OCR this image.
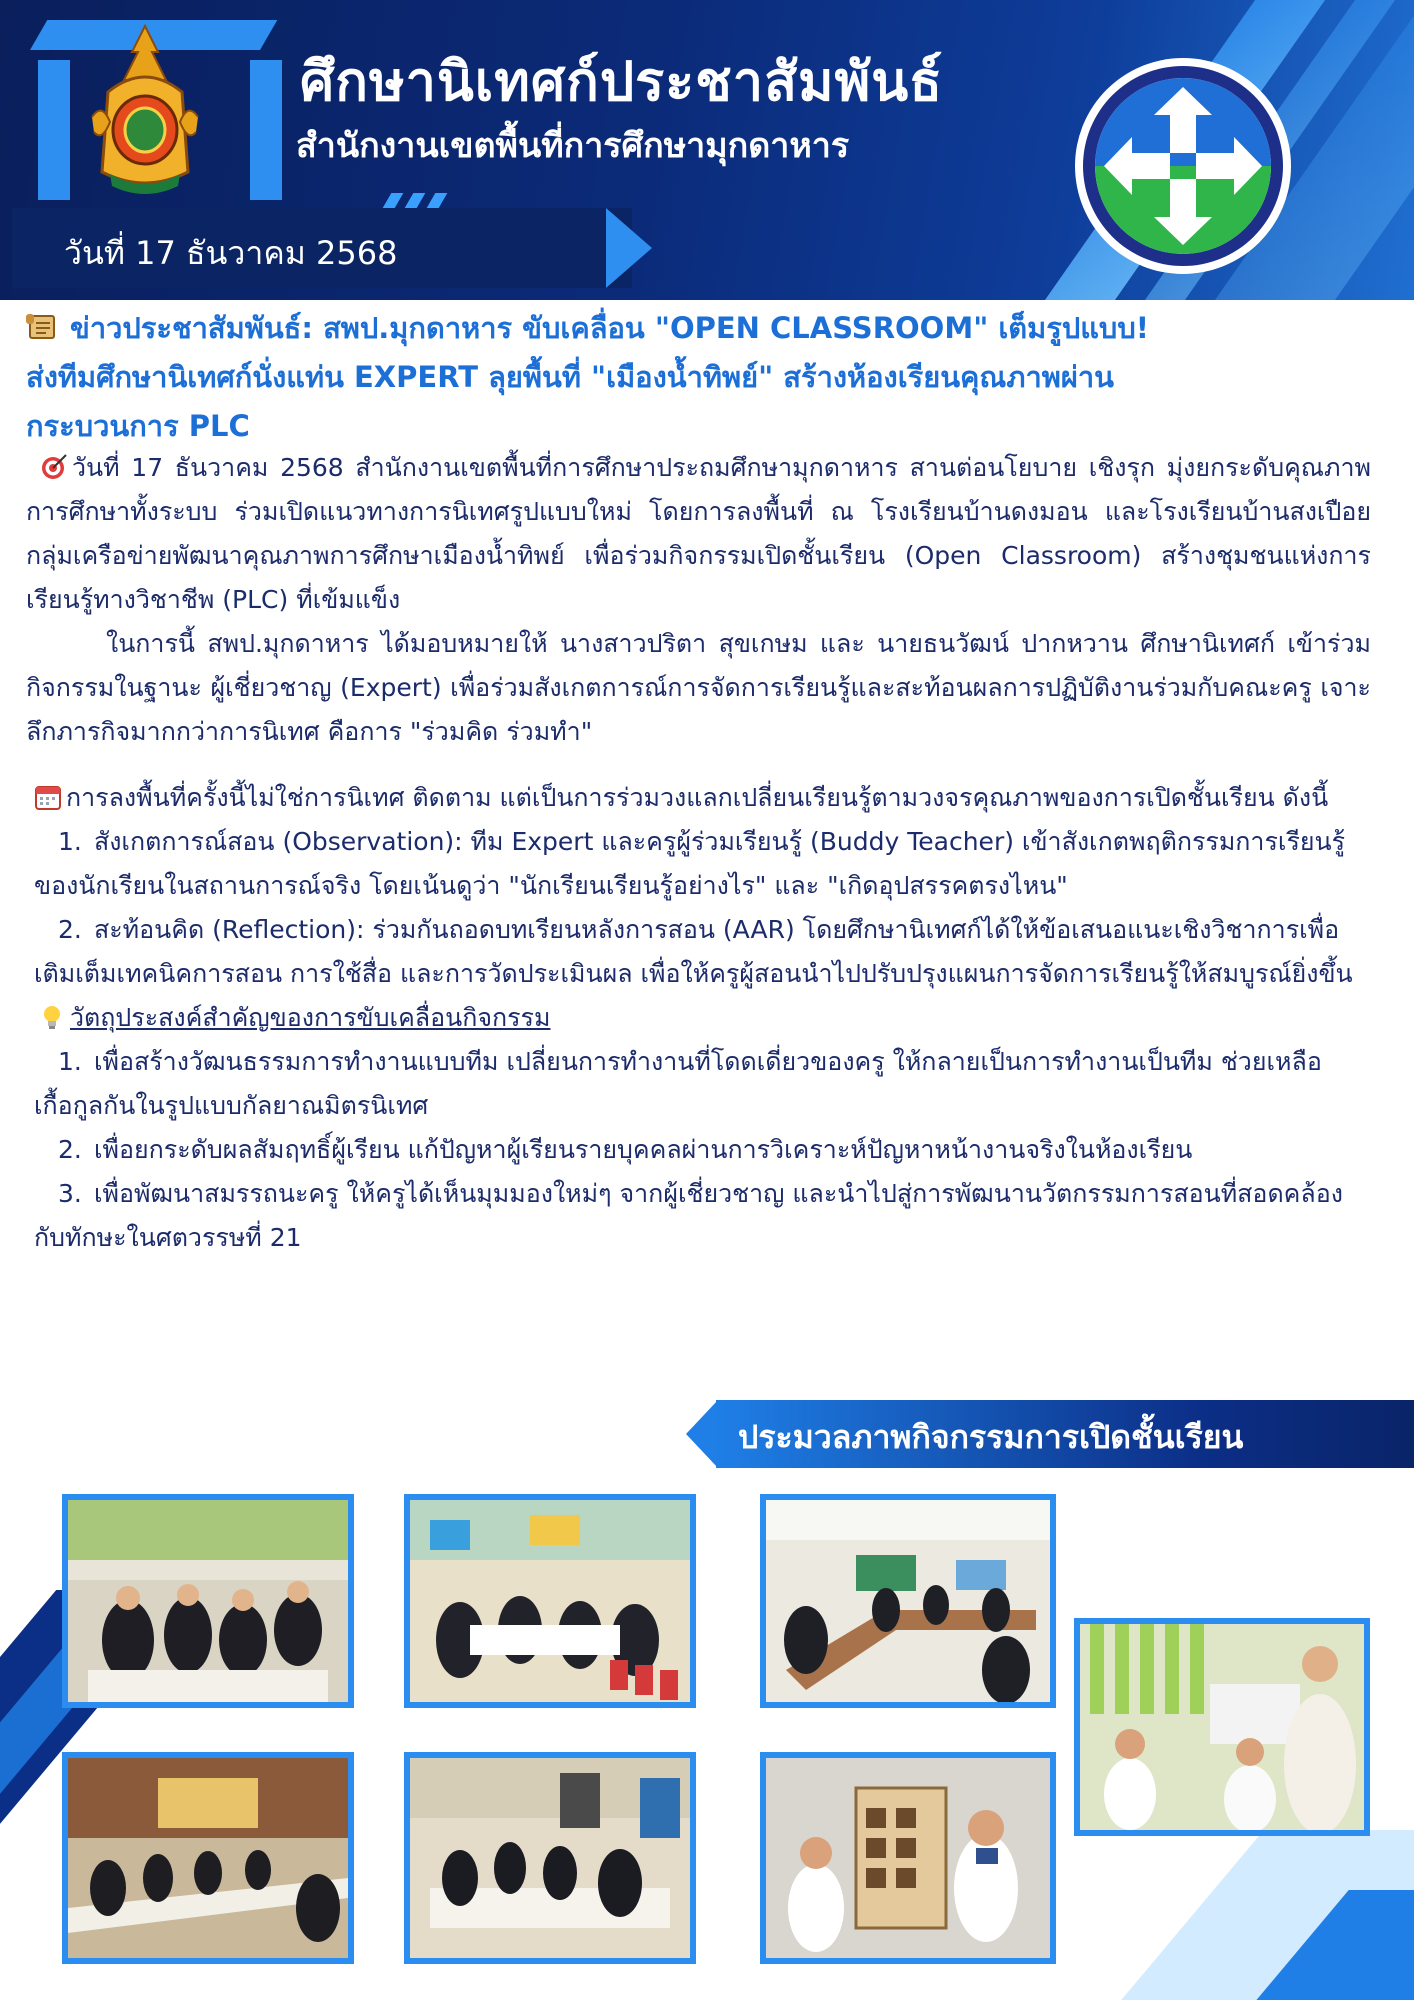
ศึกษานิเทศก์ประชาสัมพันธ์
สำนักงานเขตพื้นที่การศึกษามุกดาหาร
วันที่ 17 ธันวาคม 2568
ข่าวประชาสัมพันธ์: สพป.มุกดาหาร ขับเคลื่อน "OPEN CLASSROOM" เต็มรูปแบบ!
ส่งทีมศึกษานิเทศก์นั่งแท่น EXPERT ลุยพื้นที่ "เมืองน้ำทิพย์" สร้างห้องเรียนคุณภาพผ่าน
กระบวนการ PLC

วันที่ 17 ธันวาคม 2568 สำนักงานเขตพื้นที่การศึกษาประถมศึกษามุกดาหาร สานต่อนโยบาย เชิงรุก มุ่งยกระดับคุณภาพการศึกษาทั้งระบบ ร่วมเปิดแนวทางการนิเทศรูปแบบใหม่ โดยการลงพื้นที่ ณ โรงเรียนบ้านดงมอน และโรงเรียนบ้านสงเปือย กลุ่มเครือข่ายพัฒนาคุณภาพการศึกษาเมืองน้ำทิพย์ เพื่อร่วมกิจกรรมเปิดชั้นเรียน (Open Classroom) สร้างชุมชนแห่งการเรียนรู้ทางวิชาชีพ (PLC) ที่เข้มแข็ง

ในการนี้ สพป.มุกดาหาร ได้มอบหมายให้ นางสาวปริตา สุขเกษม และ นายธนวัฒน์ ปากหวาน ศึกษานิเทศก์ เข้าร่วมกิจกรรมในฐานะ ผู้เชี่ยวชาญ (Expert) เพื่อร่วมสังเกตการณ์การจัดการเรียนรู้และสะท้อนผลการปฏิบัติงานร่วมกับคณะครู เจาะลึกภารกิจมากกว่าการนิเทศ คือการ "ร่วมคิด ร่วมทำ"

การลงพื้นที่ครั้งนี้ไม่ใช่การนิเทศ ติดตาม แต่เป็นการร่วมวงแลกเปลี่ยนเรียนรู้ตามวงจรคุณภาพของการเปิดชั้นเรียน ดังนี้
1. สังเกตการณ์สอน (Observation): ทีม Expert และครูผู้ร่วมเรียนรู้ (Buddy Teacher) เข้าสังเกตพฤติกรรมการเรียนรู้ของนักเรียนในสถานการณ์จริง โดยเน้นดูว่า "นักเรียนเรียนรู้อย่างไร" และ "เกิดอุปสรรคตรงไหน"
2. สะท้อนคิด (Reflection): ร่วมกันถอดบทเรียนหลังการสอน (AAR) โดยศึกษานิเทศก์ได้ให้ข้อเสนอแนะเชิงวิชาการเพื่อเติมเต็มเทคนิคการสอน การใช้สื่อ และการวัดประเมินผล เพื่อให้ครูผู้สอนนำไปปรับปรุงแผนการจัดการเรียนรู้ให้สมบูรณ์ยิ่งขึ้น
วัตถุประสงค์สำคัญของการขับเคลื่อนกิจกรรม
1. เพื่อสร้างวัฒนธรรมการทำงานแบบทีม เปลี่ยนการทำงานที่โดดเดี่ยวของครู ให้กลายเป็นการทำงานเป็นทีม ช่วยเหลือเกื้อกูลกันในรูปแบบกัลยาณมิตรนิเทศ
2. เพื่อยกระดับผลสัมฤทธิ์ผู้เรียน แก้ปัญหาผู้เรียนรายบุคคลผ่านการวิเคราะห์ปัญหาหน้างานจริงในห้องเรียน
3. เพื่อพัฒนาสมรรถนะครู ให้ครูได้เห็นมุมมองใหม่ๆ จากผู้เชี่ยวชาญ และนำไปสู่การพัฒนานวัตกรรมการสอนที่สอดคล้องกับทักษะในศตวรรษที่ 21
ประมวลภาพกิจกรรมการเปิดชั้นเรียน
